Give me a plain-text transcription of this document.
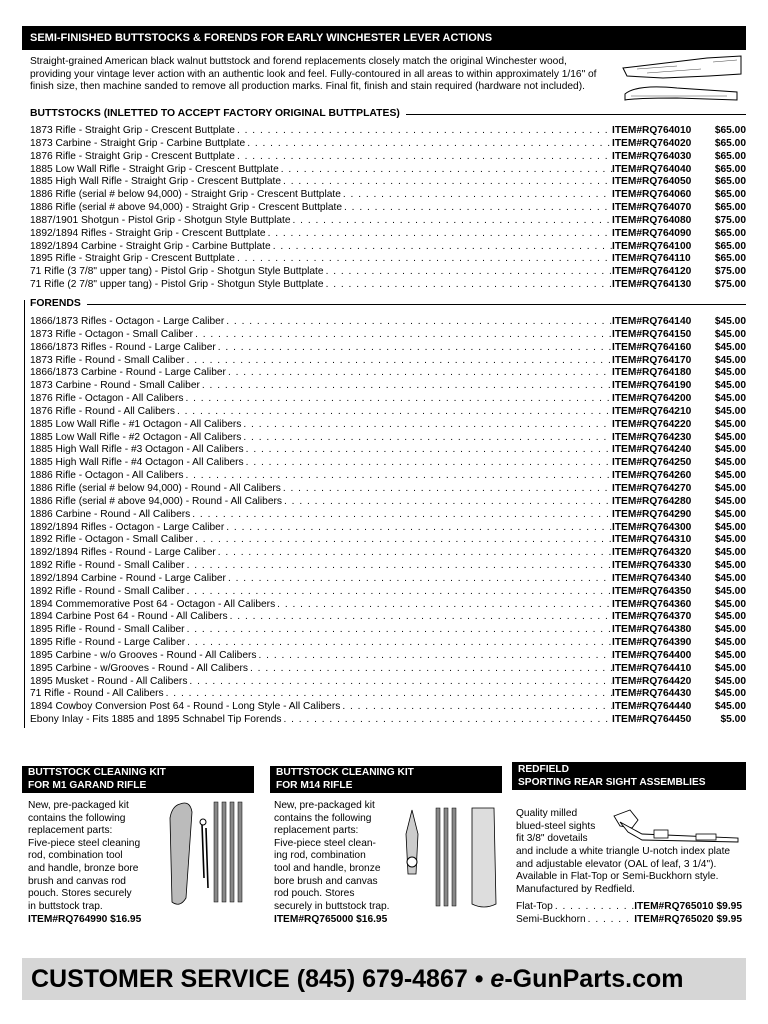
SEMI-FINISHED BUTTSTOCKS & FORENDS FOR EARLY WINCHESTER LEVER ACTIONS
Straight-grained American black walnut buttstock and forend replacements closely match the original Winchester wood, providing your vintage lever action with an authentic look and feel. Fully-contoured in all areas to within approximately 1/16" of finish size, then machine sanded to remove all production marks. Final fit, finish and stain required (hardware not included).
BUTTSTOCKS (INLETTED TO ACCEPT FACTORY ORIGINAL BUTTPLATES)
1873 Rifle - Straight Grip - Crescent Buttplate . . .	ITEM#RQ764010	$65.00
1873 Carbine - Straight Grip - Carbine Buttplate . . .	ITEM#RQ764020	$65.00
1876 Rifle - Straight Grip - Crescent Buttplate . . .	ITEM#RQ764030	$65.00
1885 Low Wall Rifle - Straight Grip - Crescent Buttplate . . .	ITEM#RQ764040	$65.00
1885 High Wall Rifle - Straight Grip - Crescent Buttplate . . .	ITEM#RQ764050	$65.00
1886 Rifle (serial # below 94,000) - Straight Grip - Crescent Buttplate . . .	ITEM#RQ764060	$65.00
1886 Rifle (serial # above 94,000) - Straight Grip - Crescent Buttplate . . .	ITEM#RQ764070	$65.00
1887/1901 Shotgun - Pistol Grip - Shotgun Style Buttplate . . .	ITEM#RQ764080	$75.00
1892/1894 Rifles - Straight Grip - Crescent Buttplate . . .	ITEM#RQ764090	$65.00
1892/1894 Carbine - Straight Grip - Carbine Buttplate . . .	ITEM#RQ764100	$65.00
1895 Rifle - Straight Grip - Crescent Buttplate . . .	ITEM#RQ764110	$65.00
71 Rifle (3 7/8" upper tang) - Pistol Grip - Shotgun Style Buttplate . . .	ITEM#RQ764120	$75.00
71 Rifle (2 7/8" upper tang) - Pistol Grip - Shotgun Style Buttplate . . .	ITEM#RQ764130	$75.00
FORENDS
1866/1873 Rifles - Octagon - Large Caliber . . .	ITEM#RQ764140	$45.00
1873 Rifle - Octagon - Small Caliber . . .	ITEM#RQ764150	$45.00
1866/1873 Rifles - Round - Large Caliber . . .	ITEM#RQ764160	$45.00
1873 Rifle - Round - Small Caliber . . .	ITEM#RQ764170	$45.00
1866/1873 Carbine - Round - Large Caliber . . .	ITEM#RQ764180	$45.00
1873 Carbine - Round - Small Caliber . . .	ITEM#RQ764190	$45.00
1876 Rifle - Octagon - All Calibers . . .	ITEM#RQ764200	$45.00
1876 Rifle - Round - All Calibers . . .	ITEM#RQ764210	$45.00
1885 Low Wall Rifle - #1 Octagon - All Calibers . . .	ITEM#RQ764220	$45.00
1885 Low Wall Rifle - #2 Octagon - All Calibers . . .	ITEM#RQ764230	$45.00
1885 High Wall Rifle - #3 Octagon - All Calibers . . .	ITEM#RQ764240	$45.00
1885 High Wall Rifle - #4 Octagon - All Calibers . . .	ITEM#RQ764250	$45.00
1886 Rifle - Octagon - All Calibers . . .	ITEM#RQ764260	$45.00
1886 Rifle (serial # below 94,000) - Round - All Calibers . . .	ITEM#RQ764270	$45.00
1886 Rifle (serial # above 94,000) - Round - All Calibers . . .	ITEM#RQ764280	$45.00
1886 Carbine - Round - All Calibers . . .	ITEM#RQ764290	$45.00
1892/1894 Rifles - Octagon - Large Caliber . . .	ITEM#RQ764300	$45.00
1892 Rifle - Octagon - Small Caliber . . .	ITEM#RQ764310	$45.00
1892/1894 Rifles - Round - Large Caliber . . .	ITEM#RQ764320	$45.00
1892 Rifle - Round - Small Caliber . . .	ITEM#RQ764330	$45.00
1892/1894 Carbine - Round - Large Caliber . . .	ITEM#RQ764340	$45.00
1892 Rifle - Round - Small Caliber . . .	ITEM#RQ764350	$45.00
1894 Commemorative Post 64 - Octagon - All Calibers . . .	ITEM#RQ764360	$45.00
1894 Carbine Post 64 - Round - All Calibers . . .	ITEM#RQ764370	$45.00
1895 Rifle - Round - Small Caliber . . .	ITEM#RQ764380	$45.00
1895 Rifle - Round - Large Caliber . . .	ITEM#RQ764390	$45.00
1895 Carbine - w/o Grooves - Round - All Calibers . . .	ITEM#RQ764400	$45.00
1895 Carbine - w/Grooves - Round - All Calibers . . .	ITEM#RQ764410	$45.00
1895 Musket - Round - All Calibers . . .	ITEM#RQ764420	$45.00
71 Rifle - Round - All Calibers . . .	ITEM#RQ764430	$45.00
1894 Cowboy Conversion Post 64 - Round - Long Style - All Calibers . . .	ITEM#RQ764440	$45.00
Ebony Inlay - Fits 1885 and 1895 Schnabel Tip Forends . . .	ITEM#RQ764450	$5.00
BUTTSTOCK CLEANING KIT
FOR M1 GARAND RIFLE
New, pre-packaged kit
contains the following
replacement parts:
Five-piece steel cleaning
rod, combination tool
and handle, bronze bore
brush and canvas rod
pouch. Stores securely
in buttstock trap.
ITEM#RQ764990 $16.95
BUTTSTOCK CLEANING KIT
FOR M14 RIFLE
New, pre-packaged kit
contains the following
replacement parts:
Five-piece steel clean-
ing rod, combination
tool and handle, bronze
bore brush and canvas
rod pouch. Stores
securely in buttstock trap.
ITEM#RQ765000 $16.95
REDFIELD
SPORTING REAR SIGHT ASSEMBLIES
Quality milled
blued-steel sights
fit 3/8" dovetails
and include a white triangle U-notch index plate
and adjustable elevator (OAL of leaf, 3 1/4").
Available in Flat-Top or Semi-Buckhorn style.
Manufactured by Redfield.
Flat-Top . . .	ITEM#RQ765010 $9.95
Semi-Buckhorn . . .	ITEM#RQ765020 $9.95
CUSTOMER SERVICE (845) 679-4867 • e-GunParts.com
